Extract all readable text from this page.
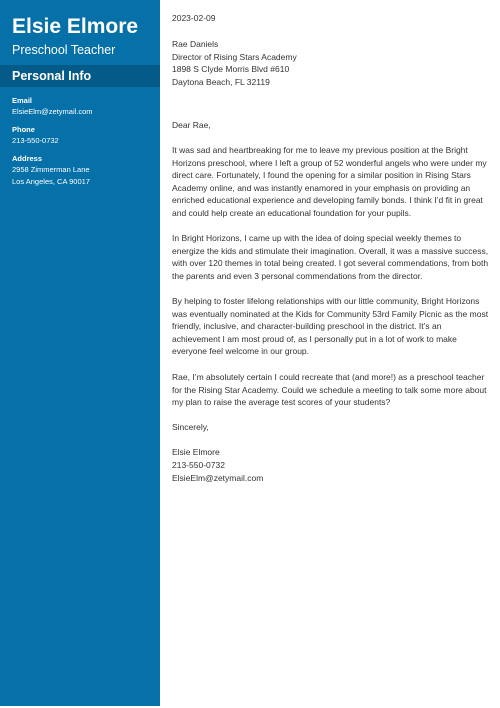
Elsie Elmore
Preschool Teacher
Personal Info
Email
ElsieElm@zetymail.com
Phone
213-550-0732
Address
2958 Zimmerman Lane
Los Angeles, CA 90017
2023-02-09
Rae Daniels
Director of Rising Stars Academy
1898 S Clyde Morris Blvd #610
Daytona Beach, FL 32119
Dear Rae,
It was sad and heartbreaking for me to leave my previous position at the Bright Horizons preschool, where I left a group of 52 wonderful angels who were under my direct care. Fortunately, I found the opening for a similar position in Rising Stars Academy online, and was instantly enamored in your emphasis on providing an enriched educational experience and developing family bonds. I think I’d fit in great and could help create an educational foundation for your pupils.
In Bright Horizons, I came up with the idea of doing special weekly themes to energize the kids and stimulate their imagination. Overall, it was a massive success, with over 120 themes in total being created. I got several commendations, from both the parents and even 3 personal commendations from the director.
By helping to foster lifelong relationships with our little community, Bright Horizons was eventually nominated at the Kids for Community 53rd Family Picnic as the most friendly, inclusive, and character-building preschool in the district. It’s an achievement I am most proud of, as I personally put in a lot of work to make everyone feel welcome in our group.
Rae, I’m absolutely certain I could recreate that (and more!) as a preschool teacher for the Rising Star Academy. Could we schedule a meeting to talk some more about my plan to raise the average test scores of your students?
Sincerely,
Elsie Elmore
213-550-0732
ElsieElm@zetymail.com
